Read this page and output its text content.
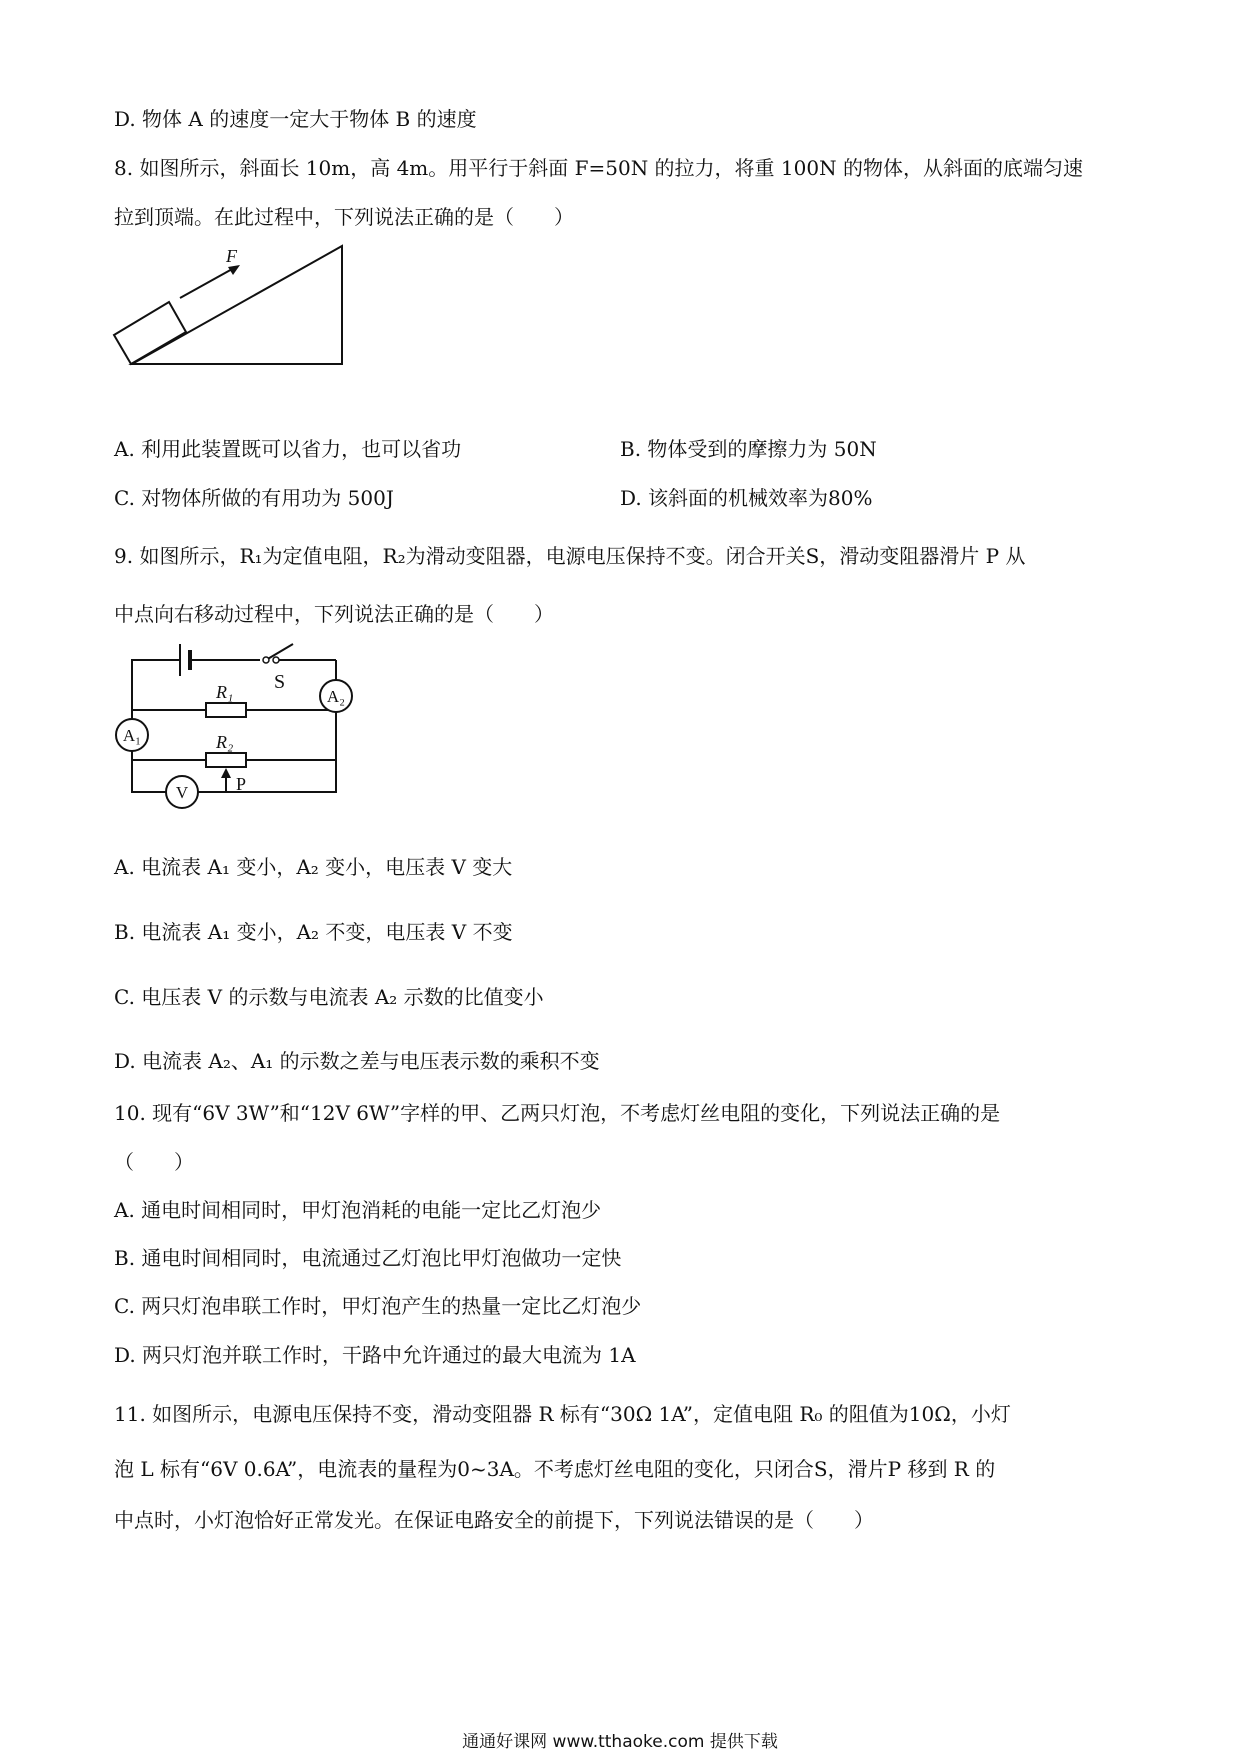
D. 物体 A 的速度一定大于物体 B 的速度
8. 如图所示，斜面长 10m，高 4m。用平行于斜面 F=50N 的拉力，将重 100N 的物体，从斜面的底端匀速
拉到顶端。在此过程中，下列说法正确的是（　　）
F
A. 利用此装置既可以省力，也可以省功	B. 物体受到的摩擦力为 50N
C. 对物体所做的有用功为 500J	D. 该斜面的机械效率为80%
9. 如图所示，R₁为定值电阻，R₂为滑动变阻器，电源电压保持不变。闭合开关S，滑动变阻器滑片 P 从
中点向右移动过程中，下列说法正确的是（　　）
S
A₂
A₁
R₁
R₂
P
V
A. 电流表 A₁ 变小，A₂ 变小，电压表 V 变大
B. 电流表 A₁ 变小，A₂ 不变，电压表 V 不变
C. 电压表 V 的示数与电流表 A₂ 示数的比值变小
D. 电流表 A₂、A₁ 的示数之差与电压表示数的乘积不变
10. 现有“6V 3W”和“12V 6W”字样的甲、乙两只灯泡，不考虑灯丝电阻的变化，下列说法正确的是
（　　）
A. 通电时间相同时，甲灯泡消耗的电能一定比乙灯泡少
B. 通电时间相同时，电流通过乙灯泡比甲灯泡做功一定快
C. 两只灯泡串联工作时，甲灯泡产生的热量一定比乙灯泡少
D. 两只灯泡并联工作时，干路中允许通过的最大电流为 1A
11. 如图所示，电源电压保持不变，滑动变阻器 R 标有“30Ω 1A”，定值电阻 R₀ 的阻值为10Ω，小灯
泡 L 标有“6V 0.6A”，电流表的量程为0~3A。不考虑灯丝电阻的变化，只闭合S，滑片P 移到 R 的
中点时，小灯泡恰好正常发光。在保证电路安全的前提下，下列说法错误的是（　　）
通通好课网 www.tthaoke.com 提供下载
